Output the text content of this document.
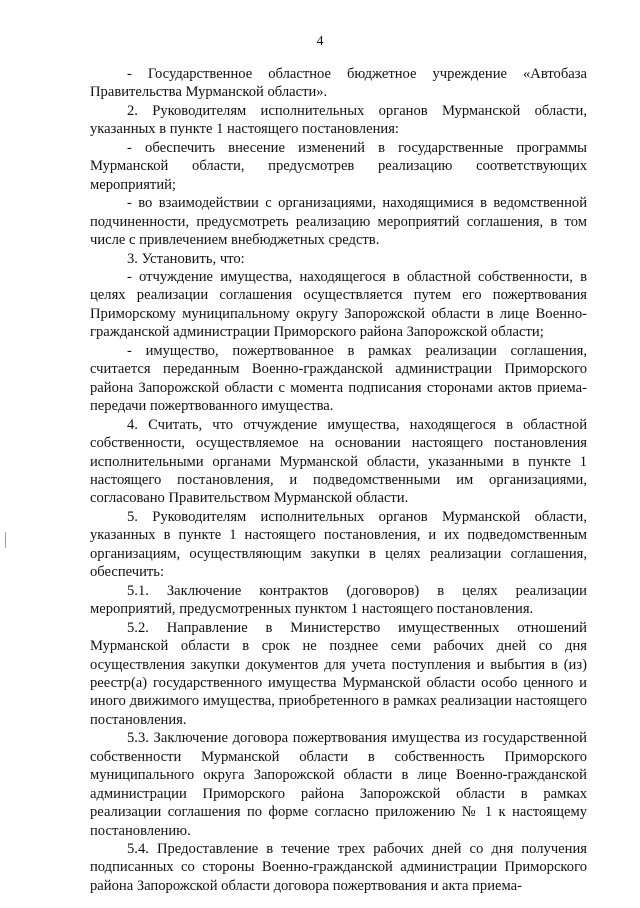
4

- Государственное областное бюджетное учреждение «Автобаза Правительства Мурманской области».

2. Руководителям исполнительных органов Мурманской области, указанных в пункте 1 настоящего постановления:

- обеспечить внесение изменений в государственные программы Мурманской области, предусмотрев реализацию соответствующих мероприятий;

- во взаимодействии с организациями, находящимися в ведомственной подчиненности, предусмотреть реализацию мероприятий соглашения, в том числе с привлечением внебюджетных средств.

3. Установить, что:

- отчуждение имущества, находящегося в областной собственности, в целях реализации соглашения осуществляется путем его пожертвования Приморскому муниципальному округу Запорожской области в лице Военно-гражданской администрации Приморского района Запорожской области;

- имущество, пожертвованное в рамках реализации соглашения, считается переданным Военно-гражданской администрации Приморского района Запорожской области с момента подписания сторонами актов приема-передачи пожертвованного имущества.

4. Считать, что отчуждение имущества, находящегося в областной собственности, осуществляемое на основании настоящего постановления исполнительными органами Мурманской области, указанными в пункте 1 настоящего постановления, и подведомственными им организациями, согласовано Правительством Мурманской области.

5. Руководителям исполнительных органов Мурманской области, указанных в пункте 1 настоящего постановления, и их подведомственным организациям, осуществляющим закупки в целях реализации соглашения, обеспечить:

5.1. Заключение контрактов (договоров) в целях реализации мероприятий, предусмотренных пунктом 1 настоящего постановления.

5.2. Направление в Министерство имущественных отношений Мурманской области в срок не позднее семи рабочих дней со дня осуществления закупки документов для учета поступления и выбытия в (из) реестр(а) государственного имущества Мурманской области особо ценного и иного движимого имущества, приобретенного в рамках реализации настоящего постановления.

5.3. Заключение договора пожертвования имущества из государственной собственности Мурманской области в собственность Приморского муниципального округа Запорожской области в лице Военно-гражданской администрации Приморского района Запорожской области в рамках реализации соглашения по форме согласно приложению № 1 к настоящему постановлению.

5.4. Предоставление в течение трех рабочих дней со дня получения подписанных со стороны Военно-гражданской администрации Приморского района Запорожской области договора пожертвования и акта приема-
